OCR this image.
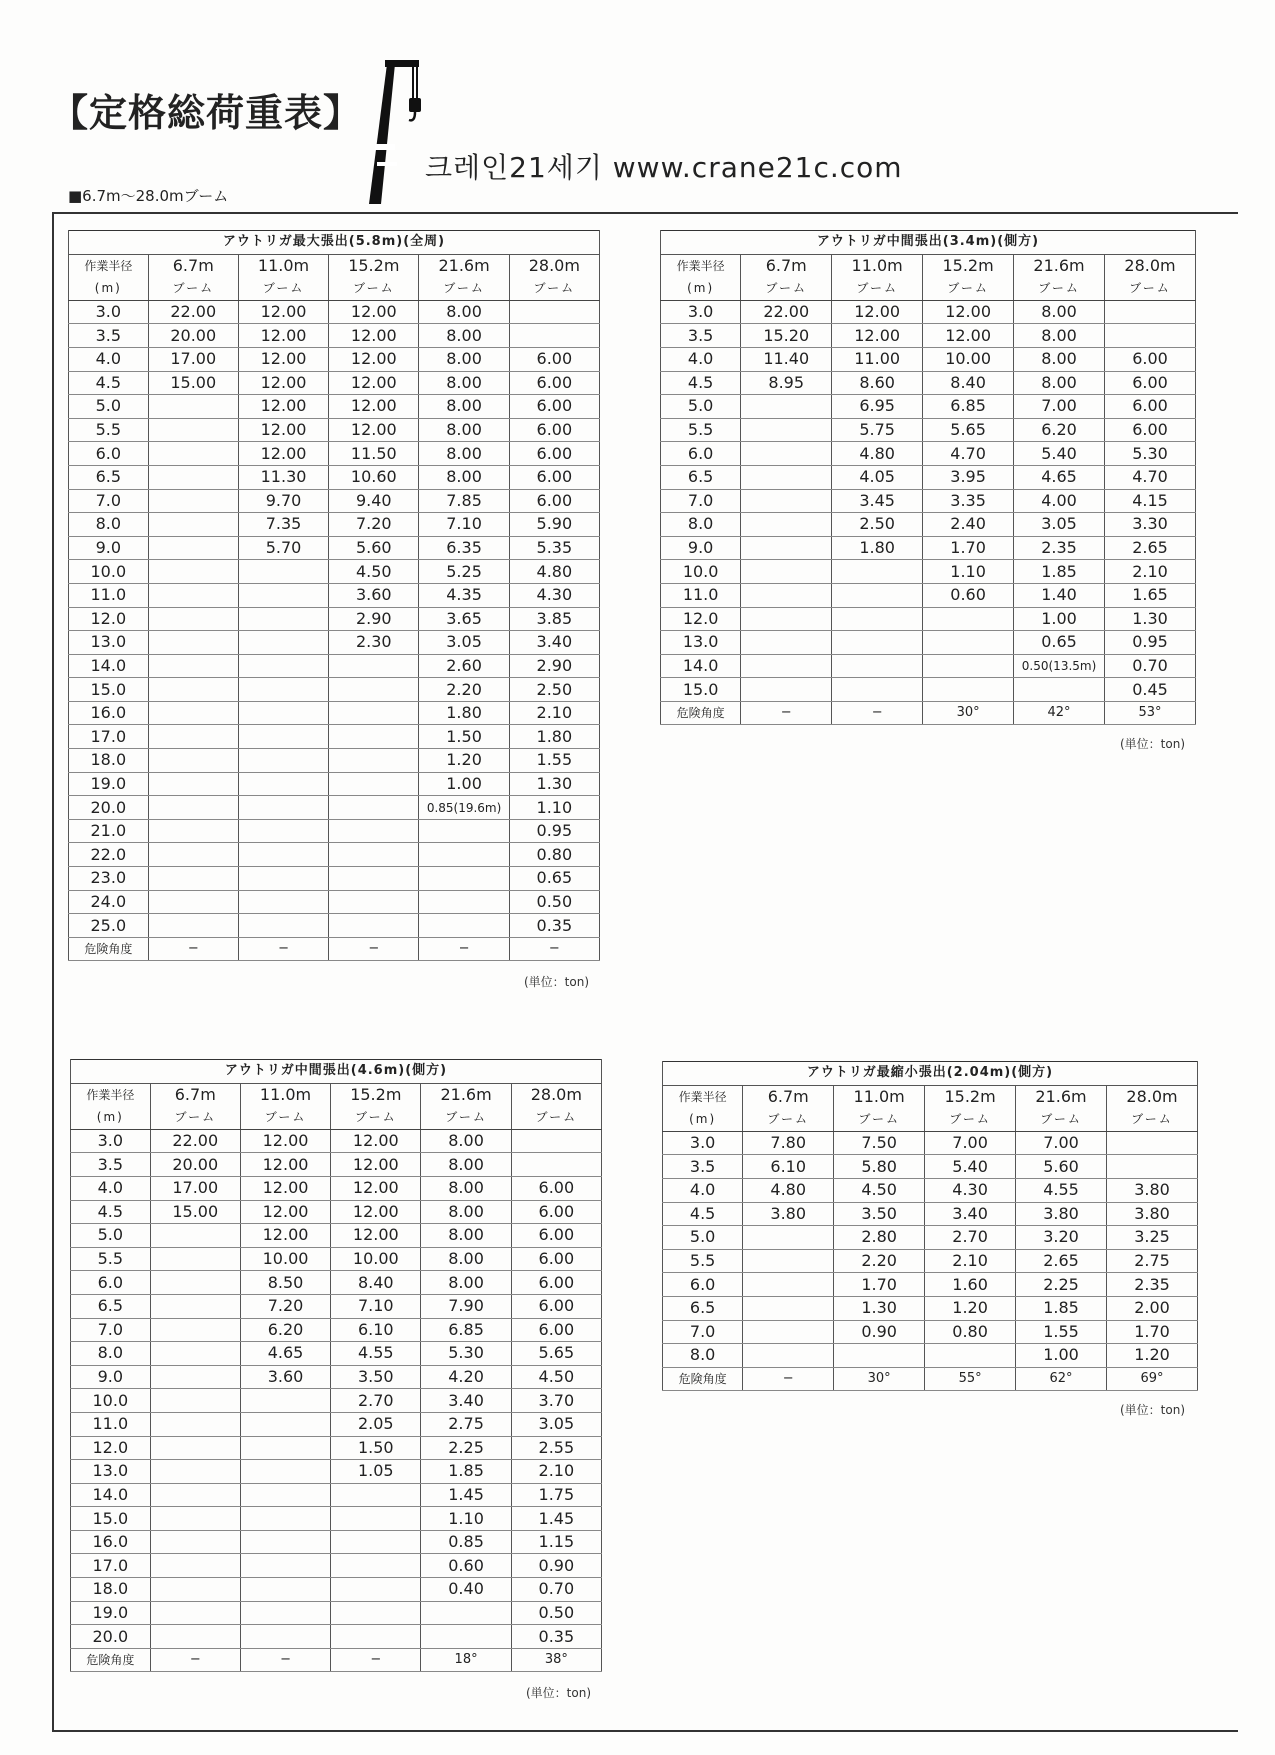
【定格総荷重表】
크레인21세기 www.crane21c.com
■6.7m〜28.0mブーム
アウトリガ最大張出(5.8m)(全周)					
作業半径	6.7m	11.0m	15.2m	21.6m	28.0m
(m)	ブーム	ブーム	ブーム	ブーム	ブーム
3.0	22.00	12.00	12.00	8.00	
3.5	20.00	12.00	12.00	8.00	
4.0	17.00	12.00	12.00	8.00	6.00
4.5	15.00	12.00	12.00	8.00	6.00
5.0		12.00	12.00	8.00	6.00
5.5		12.00	12.00	8.00	6.00
6.0		12.00	11.50	8.00	6.00
6.5		11.30	10.60	8.00	6.00
7.0		9.70	9.40	7.85	6.00
8.0		7.35	7.20	7.10	5.90
9.0		5.70	5.60	6.35	5.35
10.0			4.50	5.25	4.80
11.0			3.60	4.35	4.30
12.0			2.90	3.65	3.85
13.0			2.30	3.05	3.40
14.0				2.60	2.90
15.0				2.20	2.50
16.0				1.80	2.10
17.0				1.50	1.80
18.0				1.20	1.55
19.0				1.00	1.30
20.0				0.85(19.6m)	1.10
21.0					0.95
22.0					0.80
23.0					0.65
24.0					0.50
25.0					0.35
危険角度	−	−	−	−	−
(単位：ton)
アウトリガ中間張出(3.4m)(側方)					
作業半径	6.7m	11.0m	15.2m	21.6m	28.0m
(m)	ブーム	ブーム	ブーム	ブーム	ブーム
3.0	22.00	12.00	12.00	8.00	
3.5	15.20	12.00	12.00	8.00	
4.0	11.40	11.00	10.00	8.00	6.00
4.5	8.95	8.60	8.40	8.00	6.00
5.0		6.95	6.85	7.00	6.00
5.5		5.75	5.65	6.20	6.00
6.0		4.80	4.70	5.40	5.30
6.5		4.05	3.95	4.65	4.70
7.0		3.45	3.35	4.00	4.15
8.0		2.50	2.40	3.05	3.30
9.0		1.80	1.70	2.35	2.65
10.0			1.10	1.85	2.10
11.0			0.60	1.40	1.65
12.0				1.00	1.30
13.0				0.65	0.95
14.0				0.50(13.5m)	0.70
15.0					0.45
危険角度	−	−	30°	42°	53°
(単位：ton)
アウトリガ中間張出(4.6m)(側方)					
作業半径	6.7m	11.0m	15.2m	21.6m	28.0m
(m)	ブーム	ブーム	ブーム	ブーム	ブーム
3.0	22.00	12.00	12.00	8.00	
3.5	20.00	12.00	12.00	8.00	
4.0	17.00	12.00	12.00	8.00	6.00
4.5	15.00	12.00	12.00	8.00	6.00
5.0		12.00	12.00	8.00	6.00
5.5		10.00	10.00	8.00	6.00
6.0		8.50	8.40	8.00	6.00
6.5		7.20	7.10	7.90	6.00
7.0		6.20	6.10	6.85	6.00
8.0		4.65	4.55	5.30	5.65
9.0		3.60	3.50	4.20	4.50
10.0			2.70	3.40	3.70
11.0			2.05	2.75	3.05
12.0			1.50	2.25	2.55
13.0			1.05	1.85	2.10
14.0				1.45	1.75
15.0				1.10	1.45
16.0				0.85	1.15
17.0				0.60	0.90
18.0				0.40	0.70
19.0					0.50
20.0					0.35
危険角度	−	−	−	18°	38°
(単位：ton)
アウトリガ最縮小張出(2.04m)(側方)					
作業半径	6.7m	11.0m	15.2m	21.6m	28.0m
(m)	ブーム	ブーム	ブーム	ブーム	ブーム
3.0	7.80	7.50	7.00	7.00	
3.5	6.10	5.80	5.40	5.60	
4.0	4.80	4.50	4.30	4.55	3.80
4.5	3.80	3.50	3.40	3.80	3.80
5.0		2.80	2.70	3.20	3.25
5.5		2.20	2.10	2.65	2.75
6.0		1.70	1.60	2.25	2.35
6.5		1.30	1.20	1.85	2.00
7.0		0.90	0.80	1.55	1.70
8.0				1.00	1.20
危険角度	−	30°	55°	62°	69°
(単位：ton)
